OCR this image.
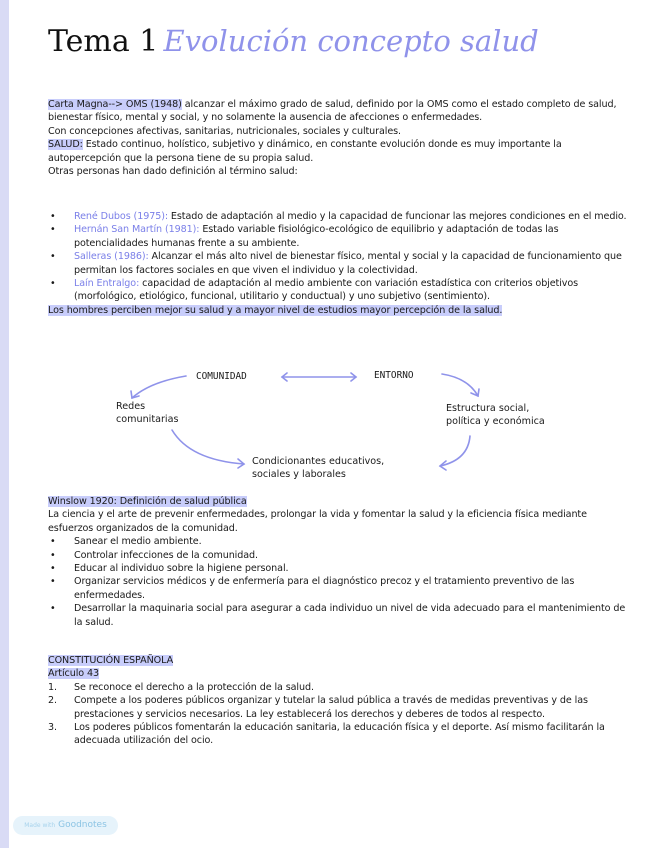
Tema 1 Evolución concepto salud
Carta Magna--> OMS (1948) alcanzar el máximo grado de salud, definido por la OMS como el estado completo de salud, bienestar físico, mental y social, y no solamente la ausencia de afecciones o enfermedades.
Con concepciones afectivas, sanitarias, nutricionales, sociales y culturales.
SALUD: Estado continuo, holístico, subjetivo y dinámico, en constante evolución donde es muy importante la autopercepción que la persona tiene de su propia salud.
Otras personas han dado definición al término salud:
• René Dubos (1975): Estado de adaptación al medio y la capacidad de funcionar las mejores condiciones en el medio.
• Hernán San Martín (1981): Estado variable fisiológico-ecológico de equilibrio y adaptación de todas las potencialidades humanas frente a su ambiente.
• Salleras (1986): Alcanzar el más alto nivel de bienestar físico, mental y social y la capacidad de funcionamiento que permitan los factores sociales en que viven el individuo y la colectividad.
• Laín Entralgo: capacidad de adaptación al medio ambiente con variación estadística con criterios objetivos (morfológico, etiológico, funcional, utilitario y conductual) y uno subjetivo (sentimiento).
Los hombres perciben mejor su salud y a mayor nivel de estudios mayor percepción de la salud.
COMUNIDAD	ENTORNO
Redes
comunitarias
Estructura social,
política y económica
Condicionantes educativos,
sociales y laborales
Winslow 1920: Definición de salud pública
La ciencia y el arte de prevenir enfermedades, prolongar la vida y fomentar la salud y la eficiencia física mediante esfuerzos organizados de la comunidad.
• Sanear el medio ambiente.
• Controlar infecciones de la comunidad.
• Educar al individuo sobre la higiene personal.
• Organizar servicios médicos y de enfermería para el diagnóstico precoz y el tratamiento preventivo de las enfermedades.
• Desarrollar la maquinaria social para asegurar a cada individuo un nivel de vida adecuado para el mantenimiento de la salud.
CONSTITUCIÓN ESPAÑOLA
Artículo 43
1. Se reconoce el derecho a la protección de la salud.
2. Compete a los poderes públicos organizar y tutelar la salud pública a través de medidas preventivas y de las prestaciones y servicios necesarios. La ley establecerá los derechos y deberes de todos al respecto.
3. Los poderes públicos fomentarán la educación sanitaria, la educación física y el deporte. Así mismo facilitarán la adecuada utilización del ocio.
Made with Goodnotes
